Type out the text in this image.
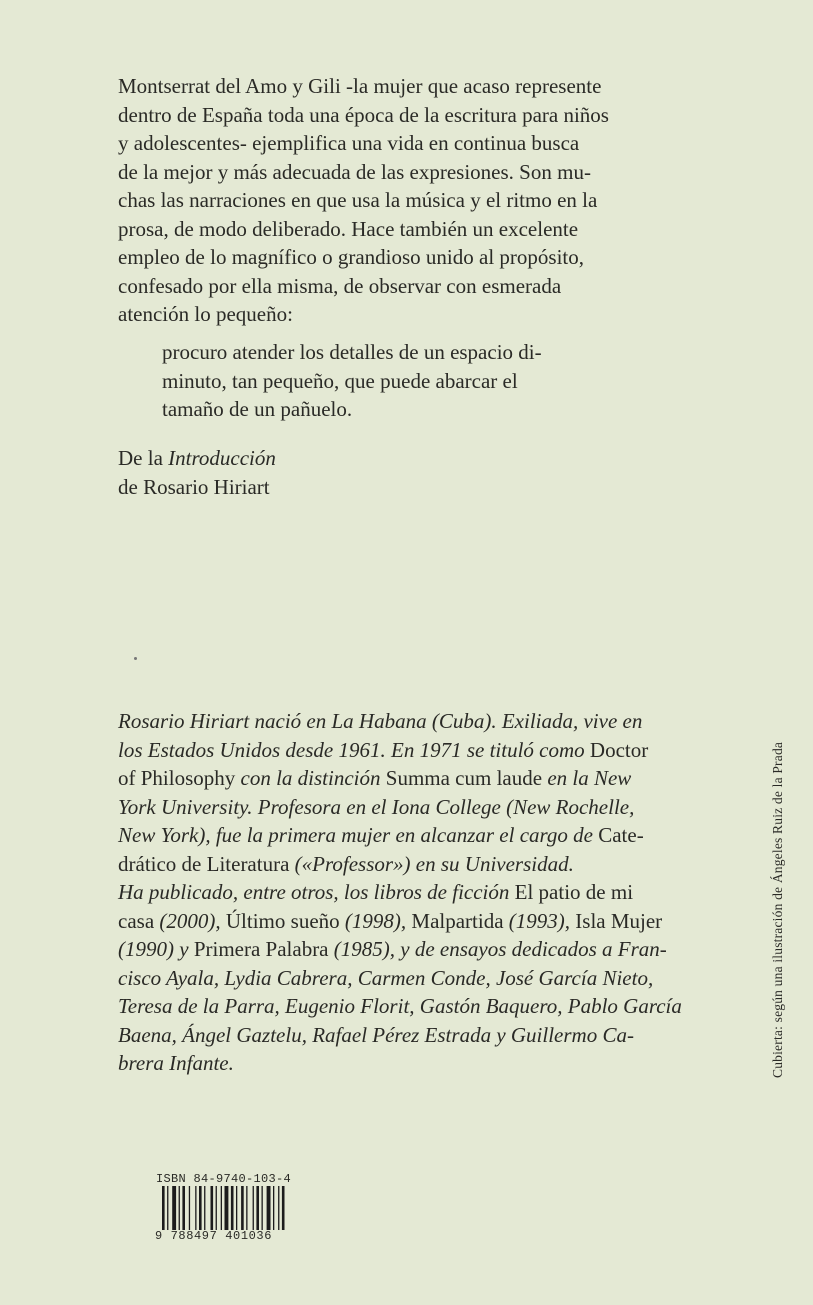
Montserrat del Amo y Gili -la mujer que acaso represente
dentro de España toda una época de la escritura para niños
y adolescentes- ejemplifica una vida en continua busca
de la mejor y más adecuada de las expresiones. Son mu-
chas las narraciones en que usa la música y el ritmo en la
prosa, de modo deliberado. Hace también un excelente
empleo de lo magnífico o grandioso unido al propósito,
confesado por ella misma, de observar con esmerada
atención lo pequeño:
procuro atender los detalles de un espacio di-
minuto, tan pequeño, que puede abarcar el
tamaño de un pañuelo.
De la Introducción
de Rosario Hiriart
Rosario Hiriart nació en La Habana (Cuba). Exiliada, vive en
los Estados Unidos desde 1961. En 1971 se tituló como Doctor
of Philosophy con la distinción Summa cum laude en la New
York University. Profesora en el Iona College (New Rochelle,
New York), fue la primera mujer en alcanzar el cargo de Cate-
drático de Literatura («Professor») en su Universidad.
Ha publicado, entre otros, los libros de ficción El patio de mi
casa (2000), Último sueño (1998), Malpartida (1993), Isla Mujer
(1990) y Primera Palabra (1985), y de ensayos dedicados a Fran-
cisco Ayala, Lydia Cabrera, Carmen Conde, José García Nieto,
Teresa de la Parra, Eugenio Florit, Gastón Baquero, Pablo García
Baena, Ángel Gaztelu, Rafael Pérez Estrada y Guillermo Ca-
brera Infante.	Cubierta: según una ilustración de Ángeles Ruiz de la Prada
ISBN 84-9740-103-4
9 788497 401036
